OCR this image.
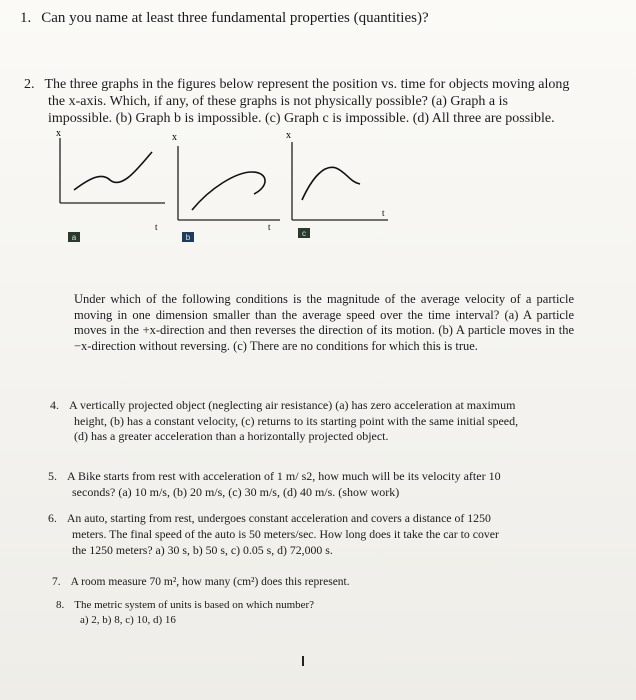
1. Can you name at least three fundamental properties (quantities)?
2. The three graphs in the figures below represent the position vs. time for objects moving along

the x-axis. Which, if any, of these graphs is not physically possible? (a) Graph a is
impossible. (b) Graph b is impossible. (c) Graph c is impossible. (d) All three are possible.
x
t
a
x
t
b
x
t
c
Under which of the following conditions is the magnitude of the average velocity of a particle moving in one dimension smaller than the average speed over the time interval? (a) A particle moves in the +x-direction and then reverses the direction of its motion. (b) A particle moves in the −x-direction without reversing. (c) There are no conditions for which this is true.
4. A vertically projected object (neglecting air resistance) (a) has zero acceleration at maximum

height, (b) has a constant velocity, (c) returns to its starting point with the same initial speed,
(d) has a greater acceleration than a horizontally projected object.
5. A Bike starts from rest with acceleration of 1 m/ s2, how much will be its velocity after 10

seconds? (a) 10 m/s, (b) 20 m/s, (c) 30 m/s, (d) 40 m/s. (show work)
6. An auto, starting from rest, undergoes constant acceleration and covers a distance of 1250

meters. The final speed of the auto is 50 meters/sec. How long does it take the car to cover
the 1250 meters? a) 30 s, b) 50 s, c) 0.05 s, d) 72,000 s.
7. A room measure 70 m², how many (cm²) does this represent.
8. The metric system of units is based on which number?

a) 2, b) 8, c) 10, d) 16
